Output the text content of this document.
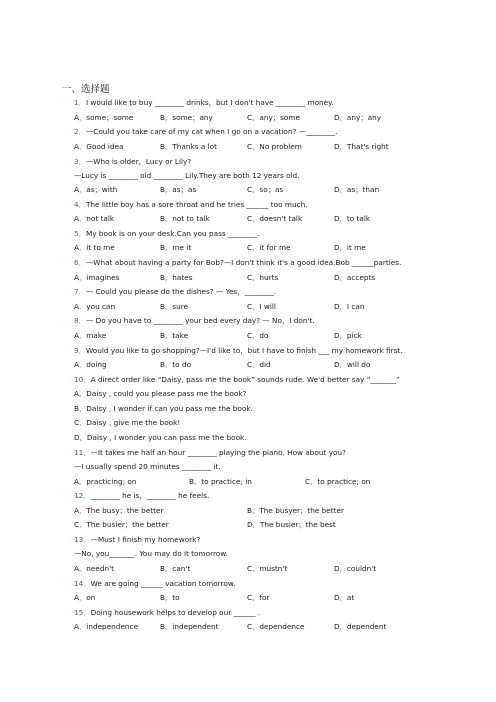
一、选择题
1．I would like to buy ________ drinks，but I don't have ________ money.
A．some；some	B．some；any	C．any；some	D．any；any
2．—Could you take care of my cat when I go on a vacation? —________.
A．Good idea	B．Thanks a lot	C．No problem	D．That's right
3．—Who is older，Lucy or Lily?
—Lucy is ________ old ________ Lily.They are both 12 years old.
A．as；with	B．as；as	C．so；as	D．as；than
4．The little boy has a sore throat and he tries ______ too much.
A．not talk	B．not to talk	C．doesn't talk	D．to talk
5．My book is on your desk.Can you pass ________.
A．it to me	B．me it	C．it for me	D．it me
6．—What about having a party for Bob?—I don't think it's a good idea.Bob ______parties.
A．imagines	B．hates	C．hurts	D．accepts
7．— Could you please do the dishes? — Yes，________.
A．you can	B．sure	C．I will	D．I can
8．— Do you have to ________ your bed every day? — No，I don't.
A．make	B．take	C．do	D．pick
9．Would you like to go shopping?—I'd like to，but I have to finish ___ my homework first.
A．doing	B．to do	C．did	D．will do
10．A direct order like “Daisy, pass me the book” sounds rude. We'd better say “_______”
A．Daisy , could you please pass me the book?
B．Daisy , I wonder if can you pass me the book.
C．Daisy , give me the book!
D．Daisy , I wonder you can pass me the book.
11．—It takes me half an hour ________ playing the piano. How about you?
—I usually spend 20 minutes ________ it.
A．practicing; on	B．to practice; in	C．to practice; on
12．________ he is，________ he feels.
A．The busy；the better	B．The busyer；the better
C．The busier；the better	D．The busier；the best
13．—Must I finish my homework?
—No, you_______. You may do it tomorrow.
A．needn't	B．can't	C．mustn't	D．couldn't
14．We are going ______ vacation tomorrow.
A．on	B．to	C．for	D．at
15．Doing housework helps to develop our ______ .
A．independence	B．independent	C．dependence	D．dependent
